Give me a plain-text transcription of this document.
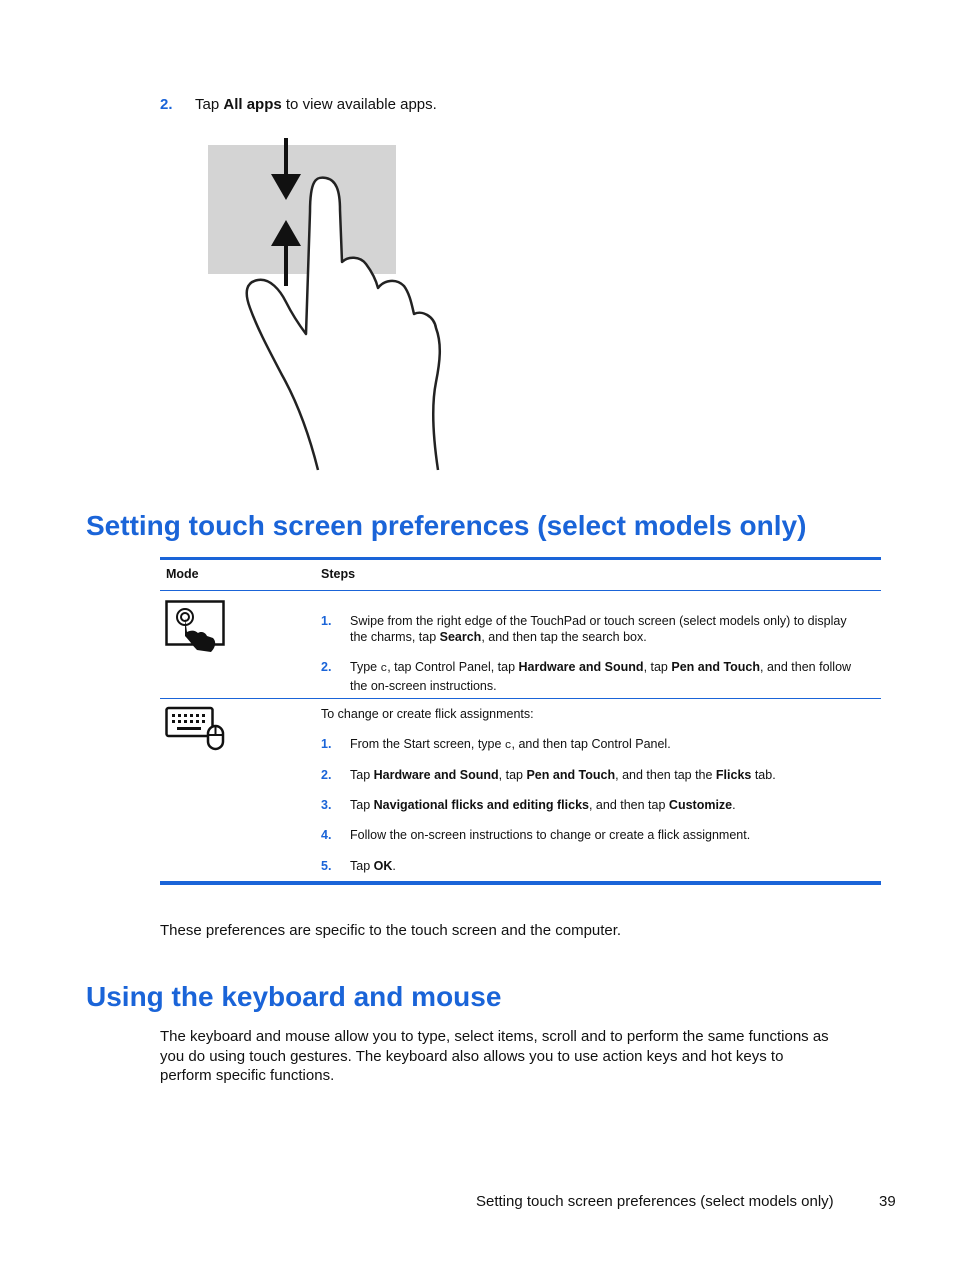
2. Tap All apps to view available apps.
Setting touch screen preferences (select models only)
Mode	Steps
1. Swipe from the right edge of the TouchPad or touch screen (select models only) to display
the charms, tap Search, and then tap the search box.
2. Type c, tap Control Panel, tap Hardware and Sound, tap Pen and Touch, and then follow
the on-screen instructions.
To change or create flick assignments:
1. From the Start screen, type c, and then tap Control Panel.
2. Tap Hardware and Sound, tap Pen and Touch, and then tap the Flicks tab.
3. Tap Navigational flicks and editing flicks, and then tap Customize.
4. Follow the on-screen instructions to change or create a flick assignment.
5. Tap OK.
These preferences are specific to the touch screen and the computer.
Using the keyboard and mouse
The keyboard and mouse allow you to type, select items, scroll and to perform the same functions as
you do using touch gestures. The keyboard also allows you to use action keys and hot keys to
perform specific functions.
Setting touch screen preferences (select models only)	39
